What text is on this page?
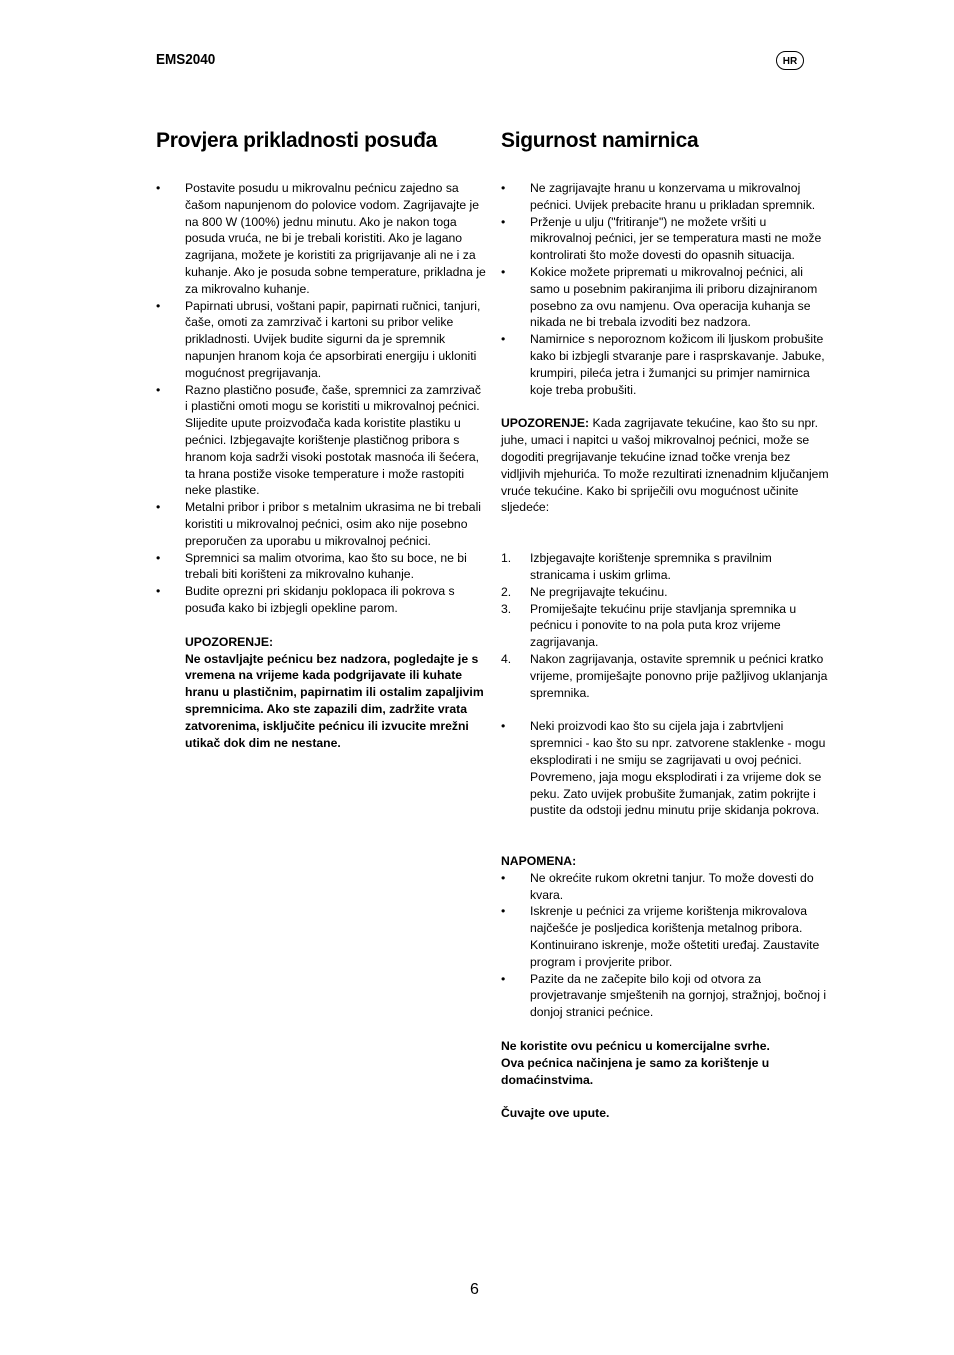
EMS2040	HR
Provjera prikladnosti posuđa
•	Postavite posudu u mikrovalnu pećnicu zajedno sa čašom napunjenom do polovice vodom. Zagrijavajte je na 800 W (100%) jednu minutu. Ako je nakon toga posuda vruća, ne bi je trebali koristiti. Ako je lagano zagrijana, možete je koristiti za prigrijavanje ali ne i za kuhanje. Ako je posuda sobne temperature, prikladna je za mikrovalno kuhanje.
•	Papirnati ubrusi, voštani papir, papirnati ručnici, tanjuri, čaše, omoti za zamrzivač i kartoni su pribor velike prikladnosti. Uvijek budite sigurni da je spremnik napunjen hranom koja će apsorbirati energiju i ukloniti mogućnost pregrijavanja.
•	Razno plastično posuđe, čaše, spremnici za zamrzivač i plastični omoti mogu se koristiti u mikrovalnoj pećnici. Slijedite upute proizvođača kada koristite plastiku u pećnici. Izbjegavajte korištenje plastičnog pribora s hranom koja sadrži visoki postotak masnoća ili šećera, ta hrana postiže visoke temperature i može rastopiti neke plastike.
•	Metalni pribor i pribor s metalnim ukrasima ne bi trebali koristiti u mikrovalnoj pećnici, osim ako nije posebno preporučen za uporabu u mikrovalnoj pećnici.
•	Spremnici sa malim otvorima, kao što su boce, ne bi trebali biti korišteni za mikrovalno kuhanje.
•	Budite oprezni pri skidanju poklopaca ili pokrova s posuđa kako bi izbjegli opekline parom.

UPOZORENJE:

Ne ostavljajte pećnicu bez nadzora, pogledajte je s vremena na vrijeme kada podgrijavate ili kuhate hranu u plastičnim, papirnatim ili ostalim zapaljivim spremnicima. Ako ste zapazili dim, zadržite vrata zatvorenima, isključite pećnicu ili izvucite mrežni utikač dok dim ne nestane.

Sigurnost namirnica
•	Ne zagrijavajte hranu u konzervama u mikrovalnoj pećnici. Uvijek prebacite hranu u prikladan spremnik.
•	Prženje u ulju ("fritiranje") ne možete vršiti u mikrovalnoj pećnici, jer se temperatura masti ne može kontrolirati što može dovesti do opasnih situacija.
•	Kokice možete pripremati u mikrovalnoj pećnici, ali samo u posebnim pakiranjima ili priboru dizajniranom posebno za ovu namjenu. Ova operacija kuhanja se nikada ne bi trebala izvoditi bez nadzora.
•	Namirnice s neporoznom kožicom ili ljuskom probušite kako bi izbjegli stvaranje pare i rasprskavanje. Jabuke, krumpiri, pileća jetra i žumanjci su primjer namirnica koje treba probušiti.

UPOZORENJE: Kada zagrijavate tekućine, kao što su npr. juhe, umaci i napitci u vašoj mikrovalnoj pećnici, može se dogoditi pregrijavanje tekućine iznad točke vrenja bez vidljivih mjehurića. To može rezultirati iznenadnim ključanjem vruće tekućine. Kako bi spriječili ovu mogućnost učinite sljedeće:

1.	Izbjegavajte korištenje spremnika s pravilnim stranicama i uskim grlima.
2.	Ne pregrijavajte tekućinu.
3.	Promiješajte tekućinu prije stavljanja spremnika u pećnicu i ponovite to na pola puta kroz vrijeme zagrijavanja.
4.	Nakon zagrijavanja, ostavite spremnik u pećnici kratko vrijeme, promiješajte ponovno prije pažljivog uklanjanja spremnika.
•	Neki proizvodi kao što su cijela jaja i zabrtvljeni spremnici - kao što su npr. zatvorene staklenke - mogu eksplodirati i ne smiju se zagrijavati u ovoj pećnici. Povremeno, jaja mogu eksplodirati i za vrijeme dok se peku. Zato uvijek probušite žumanjak, zatim pokrijte i pustite da odstoji jednu minutu prije skidanja pokrova.

NAPOMENA:

•	Ne okrećite rukom okretni tanjur. To može dovesti do kvara.
•	Iskrenje u pećnici za vrijeme korištenja mikrovalova najčešće je posljedica korištenja metalnog pribora. Kontinuirano iskrenje, može oštetiti uređaj. Zaustavite program i provjerite pribor.
•	Pazite da ne začepite bilo koji od otvora za provjetravanje smještenih na gornjoj, stražnjoj, bočnoj i donjoj stranici pećnice.

Ne koristite ovu pećnicu u komercijalne svrhe.

Ova pećnica načinjena je samo za korištenje u domaćinstvima.

Čuvajte ove upute.

6
